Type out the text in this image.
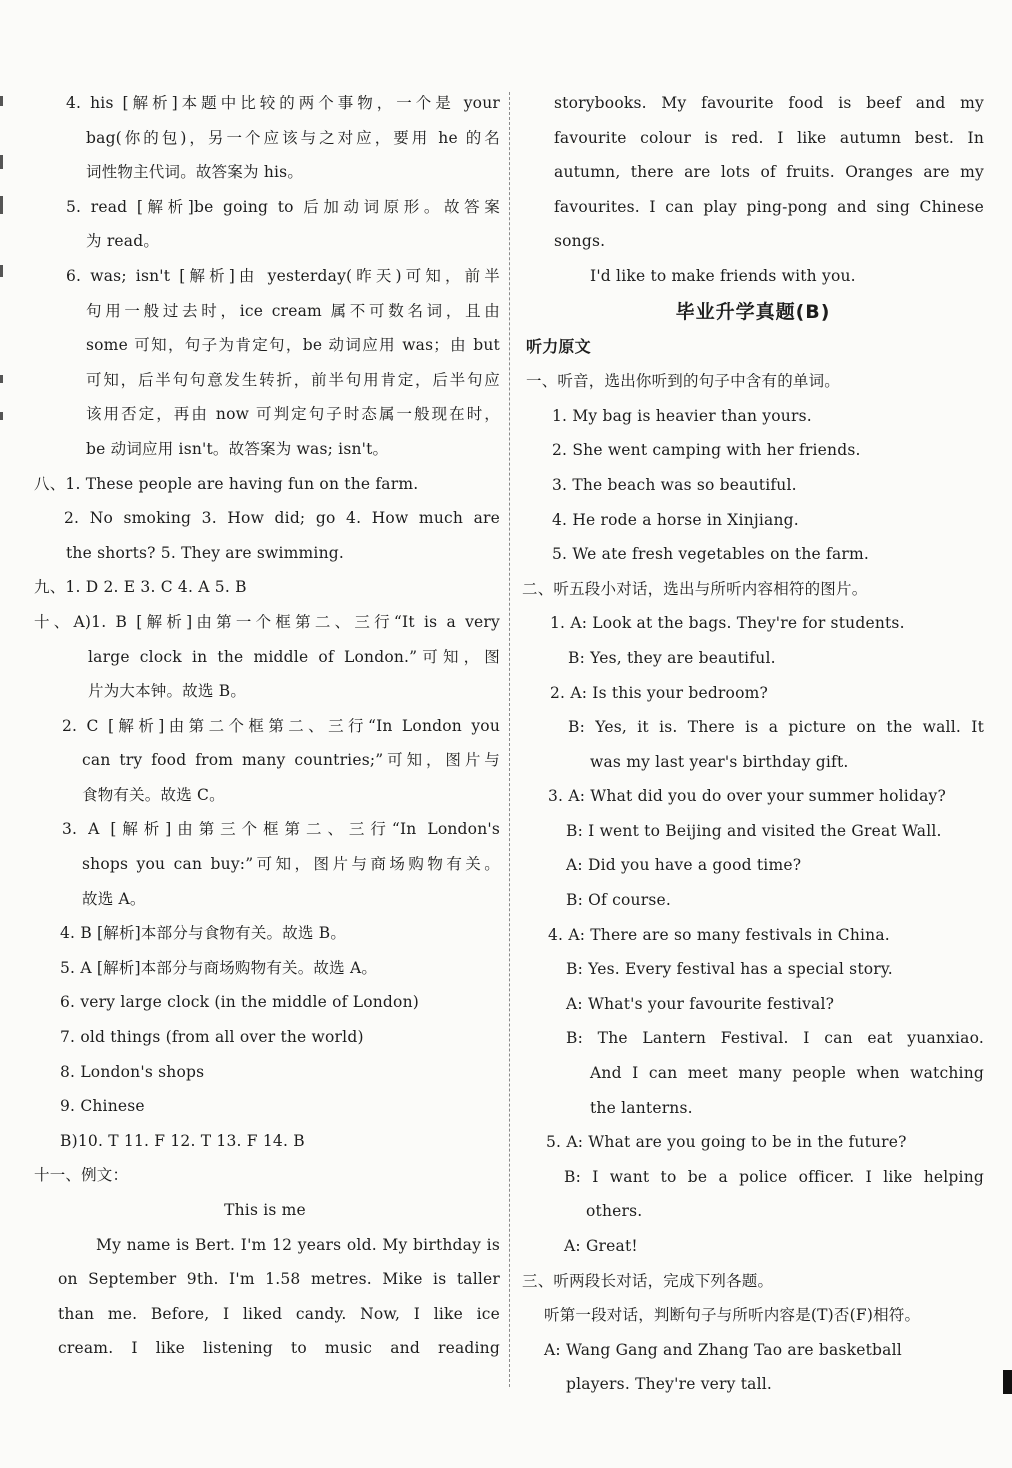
4. his [解析]本题中比较的两个事物，一个是 your
bag(你的包)，另一个应该与之对应，要用 he 的名
词性物主代词。故答案为 his。
5. read [解析]be going to 后加动词原形。故答案
为 read。
6. was; isn't [解析]由 yesterday(昨天)可知，前半
句用一般过去时，ice cream 属不可数名词，且由
some 可知，句子为肯定句，be 动词应用 was；由 but
可知，后半句句意发生转折，前半句用肯定，后半句应
该用否定，再由 now 可判定句子时态属一般现在时，
be 动词应用 isn't。故答案为 was; isn't。
八、1. These people are having fun on the farm.
2. No smoking 3. How did; go 4. How much are
the shorts? 5. They are swimming.
九、1. D 2. E 3. C 4. A 5. B
十、A)1. B [解析]由第一个框第二、三行“It is a very
large clock in the middle of London.”可知，图
片为大本钟。故选 B。
2. C [解析]由第二个框第二、三行“In London you
can try food from many countries;”可知，图片与
食物有关。故选 C。
3. A [解析]由第三个框第二、三行“In London's
shops you can buy:”可知，图片与商场购物有关。
故选 A。
4. B [解析]本部分与食物有关。故选 B。
5. A [解析]本部分与商场购物有关。故选 A。
6. very large clock (in the middle of London)
7. old things (from all over the world)
8. London's shops
9. Chinese
B)10. T 11. F 12. T 13. F 14. B
十一、例文：
This is me
My name is Bert. I'm 12 years old. My birthday is
on September 9th. I'm 1.58 metres. Mike is taller
than me. Before, I liked candy. Now, I like ice
cream. I like listening to music and reading
storybooks. My favourite food is beef and my
favourite colour is red. I like autumn best. In
autumn, there are lots of fruits. Oranges are my
favourites. I can play ping-pong and sing Chinese
songs.
I'd like to make friends with you.
毕业升学真题(B)
听力原文
一、听音，选出你听到的句子中含有的单词。
1. My bag is heavier than yours.
2. She went camping with her friends.
3. The beach was so beautiful.
4. He rode a horse in Xinjiang.
5. We ate fresh vegetables on the farm.
二、听五段小对话，选出与所听内容相符的图片。
1. A: Look at the bags. They're for students.
B: Yes, they are beautiful.
2. A: Is this your bedroom?
B: Yes, it is. There is a picture on the wall. It
was my last year's birthday gift.
3. A: What did you do over your summer holiday?
B: I went to Beijing and visited the Great Wall.
A: Did you have a good time?
B: Of course.
4. A: There are so many festivals in China.
B: Yes. Every festival has a special story.
A: What's your favourite festival?
B: The Lantern Festival. I can eat yuanxiao.
And I can meet many people when watching
the lanterns.
5. A: What are you going to be in the future?
B: I want to be a police officer. I like helping
others.
A: Great!
三、听两段长对话，完成下列各题。
听第一段对话，判断句子与所听内容是(T)否(F)相符。
A: Wang Gang and Zhang Tao are basketball
players. They're very tall.
